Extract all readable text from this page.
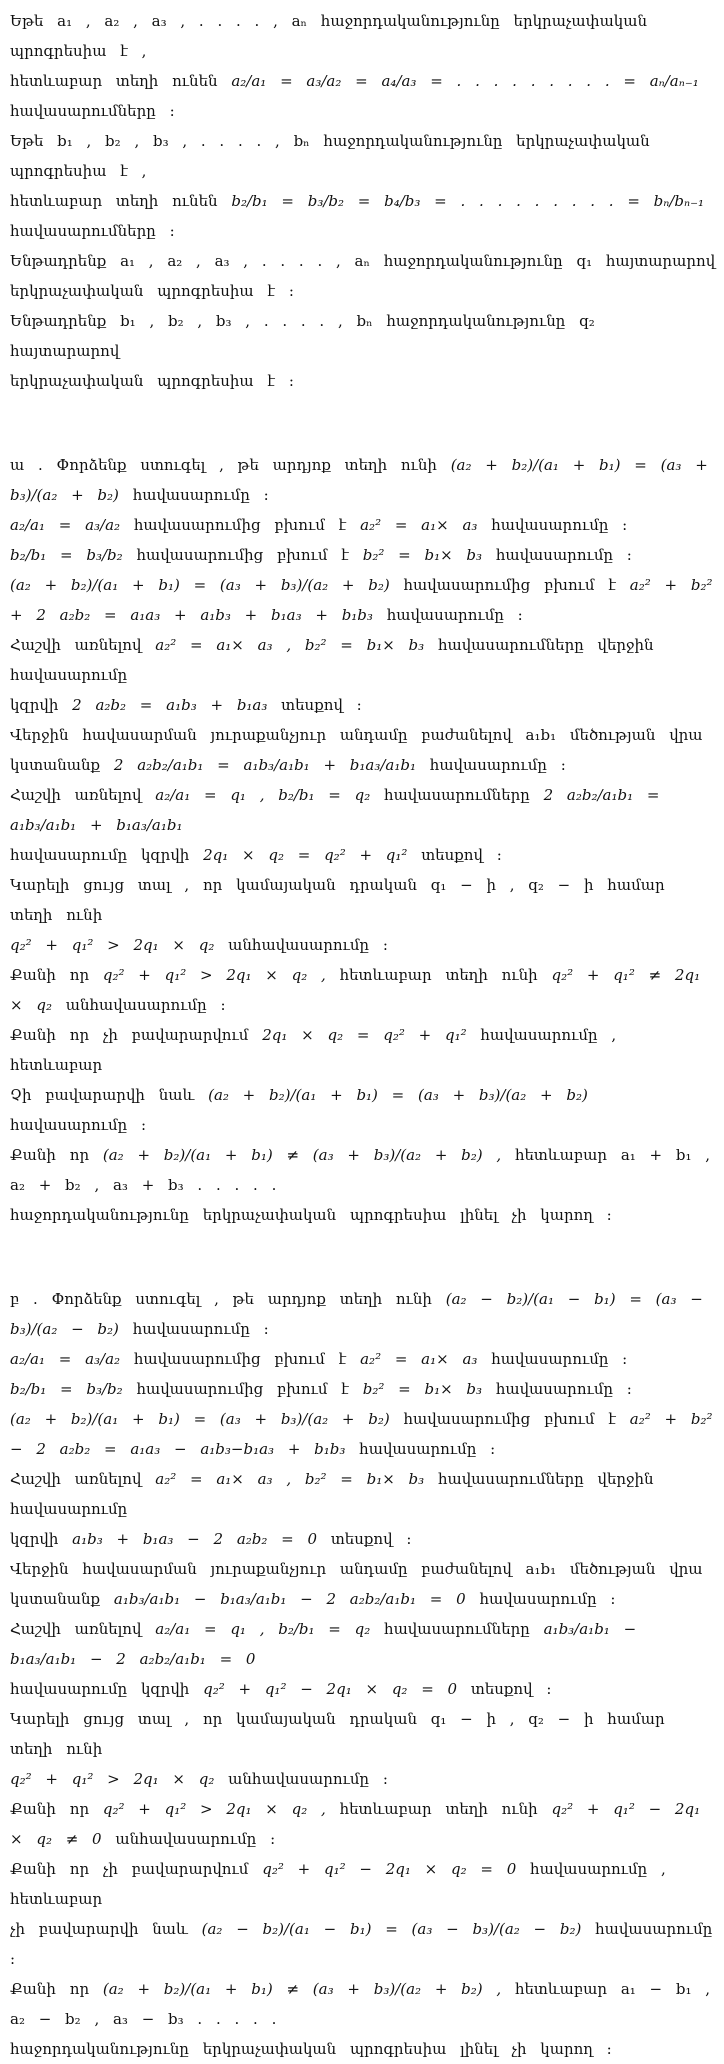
Եթե a₁ , a₂ , a₃ , . . . . , aₙ հաջորդականությունը երկրաչափական պրոգրեսիա է ,

հետևաբար տեղի ունեն a₂/a₁ = a₃/a₂ = a₄/a₃ = . . . . . . . . . = aₙ/aₙ₋₁ հավասարումները :

Եթե b₁ , b₂ , b₃ , . . . . , bₙ հաջորդականությունը երկրաչափական պրոգրեսիա է ,

հետևաբար տեղի ունեն b₂/b₁ = b₃/b₂ = b₄/b₃ = . . . . . . . . . = bₙ/bₙ₋₁ հավասարումները :

Ենթադրենք a₁ , a₂ , a₃ , . . . . , aₙ հաջորդականությունը q₁ հայտարարով

երկրաչափական պրոգրեսիա է :

Ենթադրենք b₁ , b₂ , b₃ , . . . . , bₙ հաջորդականությունը q₂ հայտարարով

երկրաչափական պրոգրեսիա է :

ա . Փորձենք ստուգել , թե արդյոք տեղի ունի (a₂ + b₂)/(a₁ + b₁) = (a₃ + b₃)/(a₂ + b₂) հավասարումը :

a₂/a₁ = a₃/a₂ հավասարումից բխում է a₂² = a₁× a₃ հավասարումը :

b₂/b₁ = b₃/b₂ հավասարումից բխում է b₂² = b₁× b₃ հավասարումը :

(a₂ + b₂)/(a₁ + b₁) = (a₃ + b₃)/(a₂ + b₂) հավասարումից բխում է a₂² + b₂² + 2 a₂b₂ = a₁a₃ + a₁b₃ + b₁a₃ + b₁b₃ հավասարումը :

Հաշվի առնելով a₂² = a₁× a₃ , b₂² = b₁× b₃ հավասարումները վերջին հավասարումը

կզրվի 2 a₂b₂ = a₁b₃ + b₁a₃ տեսքով :

Վերջին հավասարման յուրաքանչյուր անդամը բաժանելով a₁b₁ մեծության վրա

կստանանք 2 a₂b₂/a₁b₁ = a₁b₃/a₁b₁ + b₁a₃/a₁b₁ հավասարումը :

Հաշվի առնելով a₂/a₁ = q₁ , b₂/b₁ = q₂ հավասարումները 2 a₂b₂/a₁b₁ = a₁b₃/a₁b₁ + b₁a₃/a₁b₁

հավասարումը կզրվի 2q₁ × q₂ = q₂² + q₁² տեսքով :

Կարելի ցույց տալ , որ կամայական դրական q₁ − ի , q₂ − ի համար տեղի ունի

q₂² + q₁² > 2q₁ × q₂ անհավասարումը :

Քանի որ q₂² + q₁² > 2q₁ × q₂ , հետևաբար տեղի ունի q₂² + q₁² ≠ 2q₁ × q₂ անհավասարումը :

Քանի որ չի բավարարվում 2q₁ × q₂ = q₂² + q₁² հավասարումը , հետևաբար

Չի բավարարվի նաև (a₂ + b₂)/(a₁ + b₁) = (a₃ + b₃)/(a₂ + b₂) հավասարումը :

Քանի որ (a₂ + b₂)/(a₁ + b₁) ≠ (a₃ + b₃)/(a₂ + b₂) , հետևաբար a₁ + b₁ , a₂ + b₂ , a₃ + b₃ . . . . .

հաջորդականությունը երկրաչափական պրոգրեսիա լինել չի կարող :

բ . Փորձենք ստուգել , թե արդյոք տեղի ունի (a₂ − b₂)/(a₁ − b₁) = (a₃ − b₃)/(a₂ − b₂) հավասարումը :

a₂/a₁ = a₃/a₂ հավասարումից բխում է a₂² = a₁× a₃ հավասարումը :

b₂/b₁ = b₃/b₂ հավասարումից բխում է b₂² = b₁× b₃ հավասարումը :

(a₂ + b₂)/(a₁ + b₁) = (a₃ + b₃)/(a₂ + b₂) հավասարումից բխում է a₂² + b₂² − 2 a₂b₂ = a₁a₃ − a₁b₃−b₁a₃ + b₁b₃ հավասարումը :

Հաշվի առնելով a₂² = a₁× a₃ , b₂² = b₁× b₃ հավասարումները վերջին հավասարումը

կզրվի a₁b₃ + b₁a₃ − 2 a₂b₂ = 0 տեսքով :

Վերջին հավասարման յուրաքանչյուր անդամը բաժանելով a₁b₁ մեծության վրա

կստանանք a₁b₃/a₁b₁ − b₁a₃/a₁b₁ − 2 a₂b₂/a₁b₁ = 0 հավասարումը :

Հաշվի առնելով a₂/a₁ = q₁ , b₂/b₁ = q₂ հավասարումները a₁b₃/a₁b₁ − b₁a₃/a₁b₁ − 2 a₂b₂/a₁b₁ = 0

հավասարումը կզրվի q₂² + q₁² − 2q₁ × q₂ = 0 տեսքով :

Կարելի ցույց տալ , որ կամայական դրական q₁ − ի , q₂ − ի համար տեղի ունի

q₂² + q₁² > 2q₁ × q₂ անհավասարումը :

Քանի որ q₂² + q₁² > 2q₁ × q₂ , հետևաբար տեղի ունի q₂² + q₁² − 2q₁ × q₂ ≠ 0 անհավասարումը :

Քանի որ չի բավարարվում q₂² + q₁² − 2q₁ × q₂ = 0 հավասարումը , հետևաբար

չի բավարարվի նաև (a₂ − b₂)/(a₁ − b₁) = (a₃ − b₃)/(a₂ − b₂) հավասարումը :

Քանի որ (a₂ + b₂)/(a₁ + b₁) ≠ (a₃ + b₃)/(a₂ + b₂) , հետևաբար a₁ − b₁ , a₂ − b₂ , a₃ − b₃ . . . . .

հաջորդականությունը երկրաչափական պրոգրեսիա լինել չի կարող :
